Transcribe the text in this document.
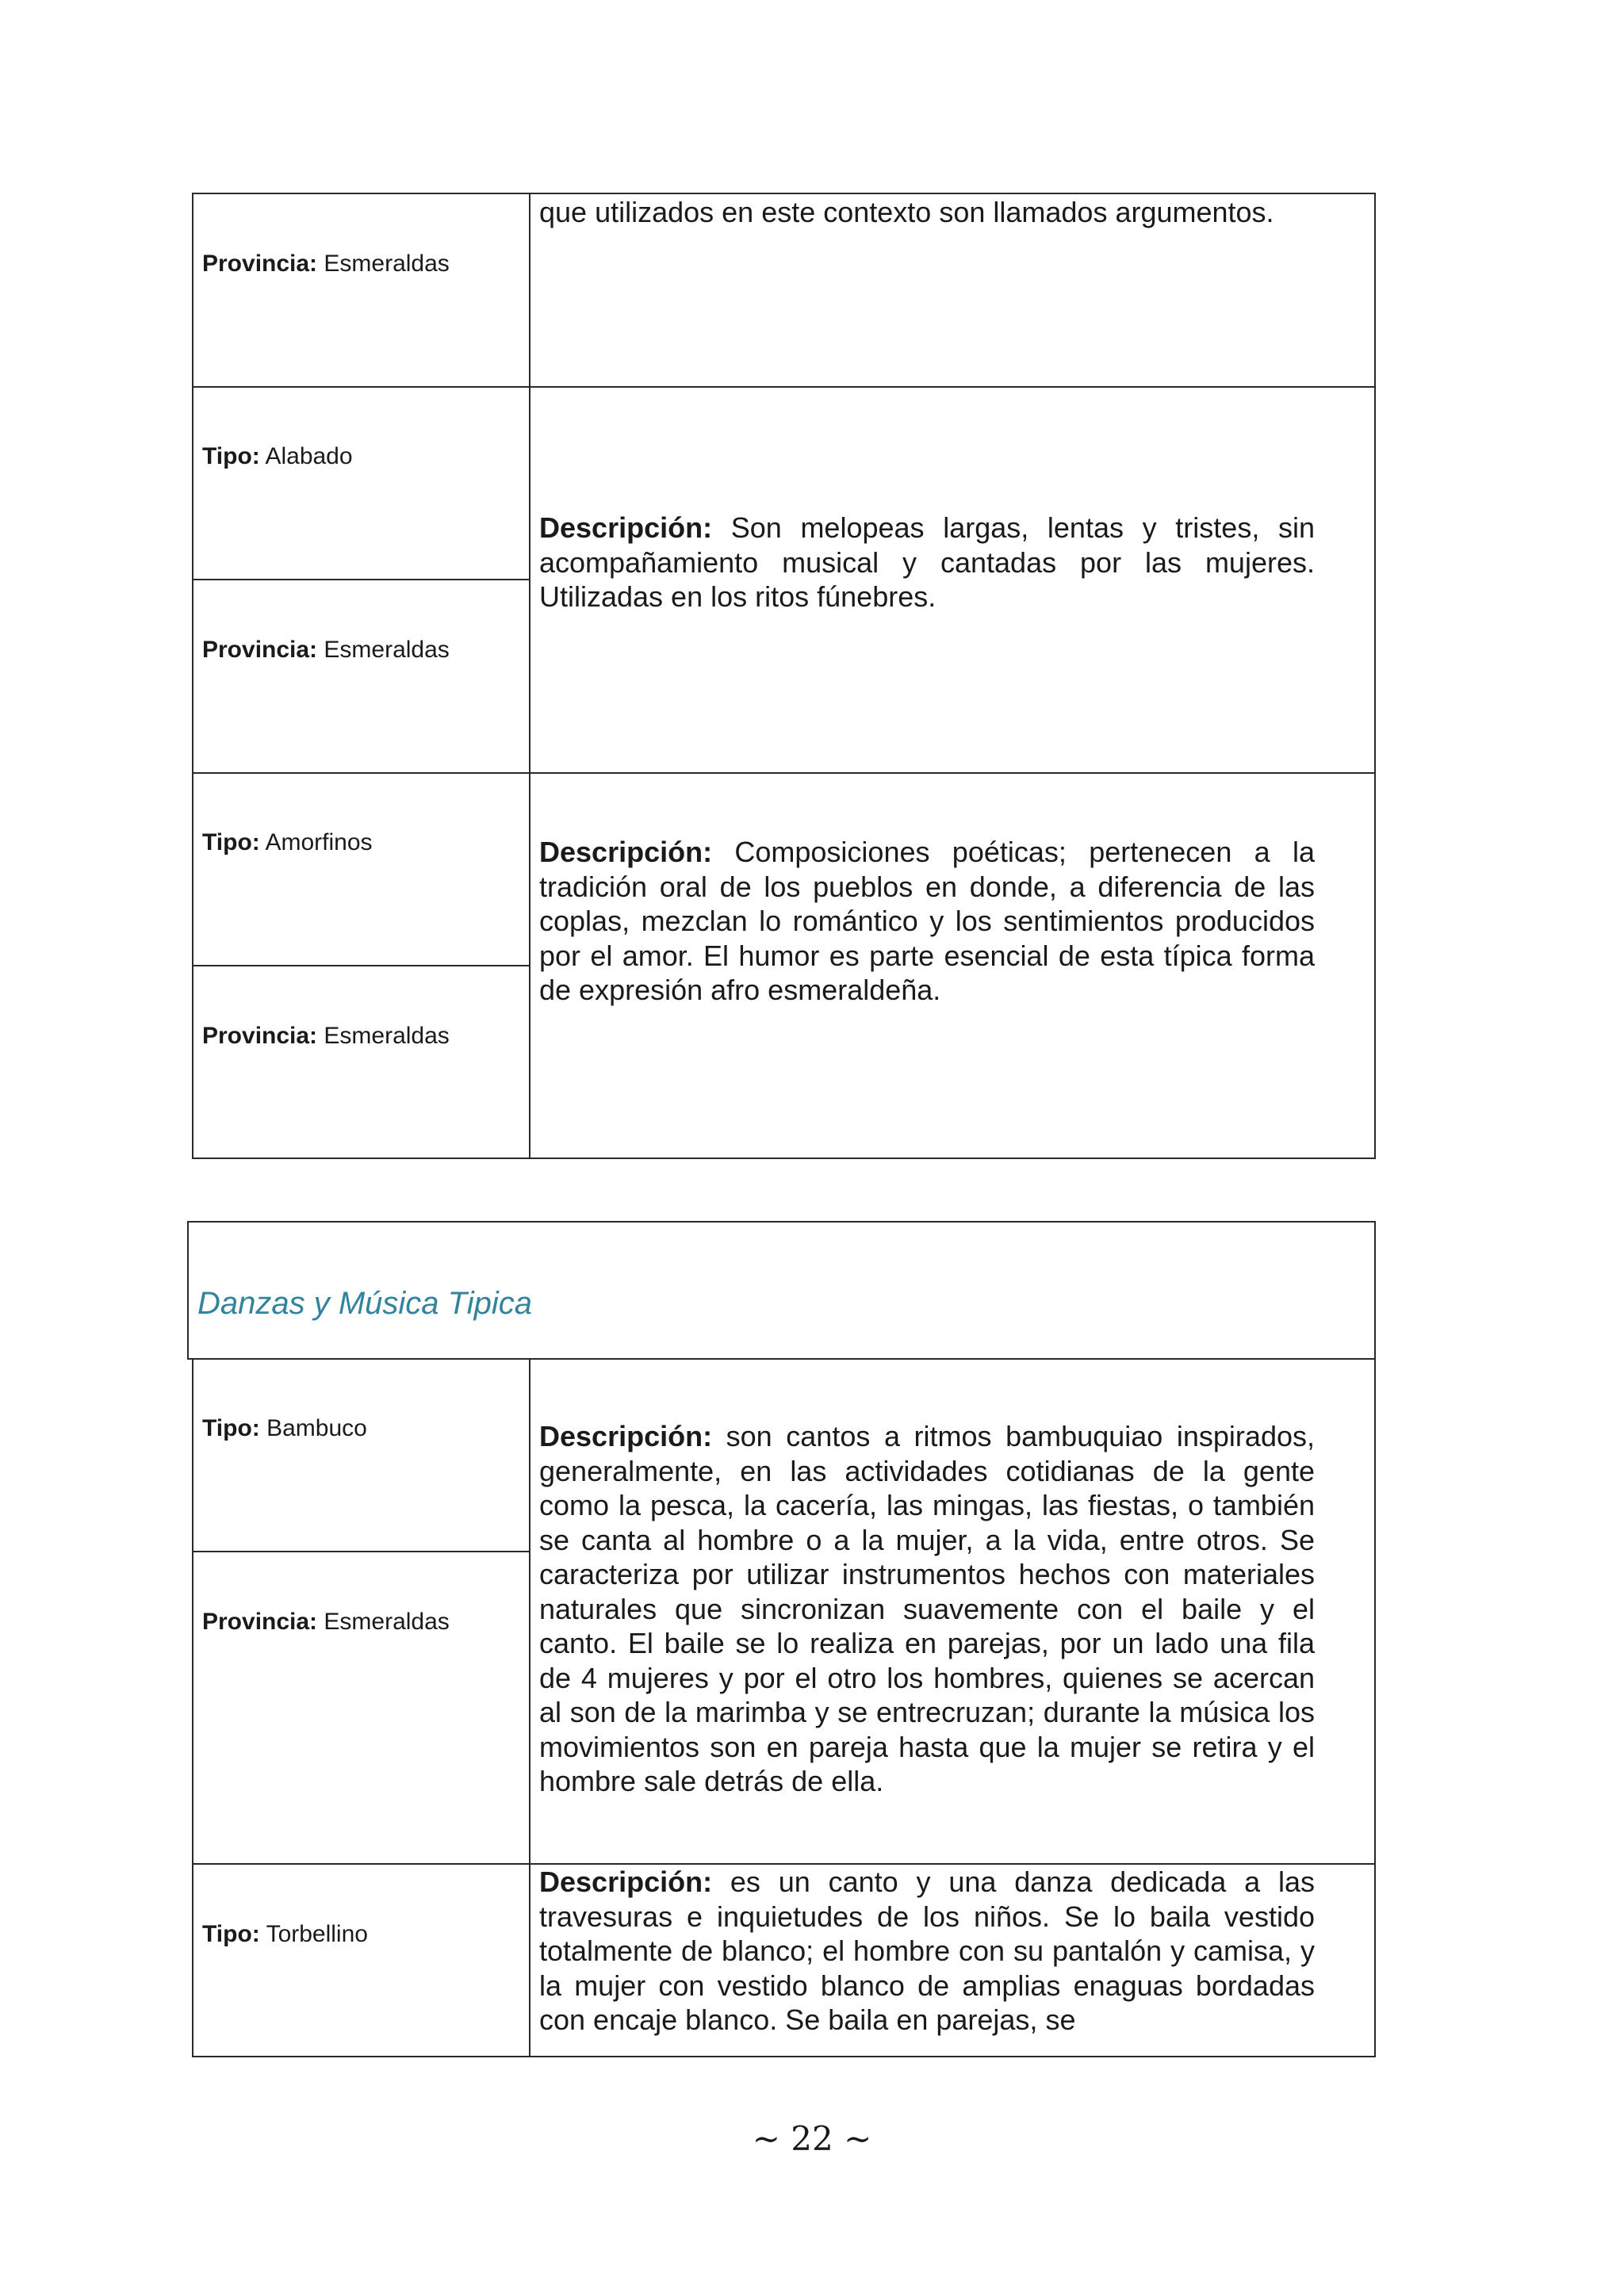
que utilizados en este contexto son llamados argumentos.

Provincia: Esmeraldas
Tipo: Alabado
Provincia: Esmeraldas

Descripción: Son melopeas largas, lentas y tristes, sin acompañamiento musical y cantadas por las mujeres. Utilizadas en los ritos fúnebres.

Tipo: Amorfinos
Provincia: Esmeraldas

Descripción: Composiciones poéticas; pertenecen a la tradición oral de los pueblos en donde, a diferencia de las coplas, mezclan lo romántico y los sentimientos producidos por el amor. El humor es parte esencial de esta típica forma de expresión afro esmeraldeña.

Danzas y Música Tipica
Tipo: Bambuco
Provincia: Esmeraldas

Descripción: son cantos a ritmos bambuquiao inspirados, generalmente, en las actividades cotidianas de la gente como la pesca, la cacería, las mingas, las fiestas, o también se canta al hombre o a la mujer, a la vida, entre otros. Se caracteriza por utilizar instrumentos hechos con materiales naturales que sincronizan suavemente con el baile y el canto. El baile se lo realiza en parejas, por un lado una fila de 4 mujeres y por el otro los hombres, quienes se acercan al son de la marimba y se entrecruzan; durante la música los movimientos son en pareja hasta que la mujer se retira y el hombre sale detrás de ella.

Tipo: Torbellino

Descripción: es un canto y una danza dedicada a las travesuras e inquietudes de los niños. Se lo baila vestido totalmente de blanco; el hombre con su pantalón y camisa, y la mujer con vestido blanco de amplias enaguas bordadas con encaje blanco. Se baila en parejas, se

~ 22 ~
